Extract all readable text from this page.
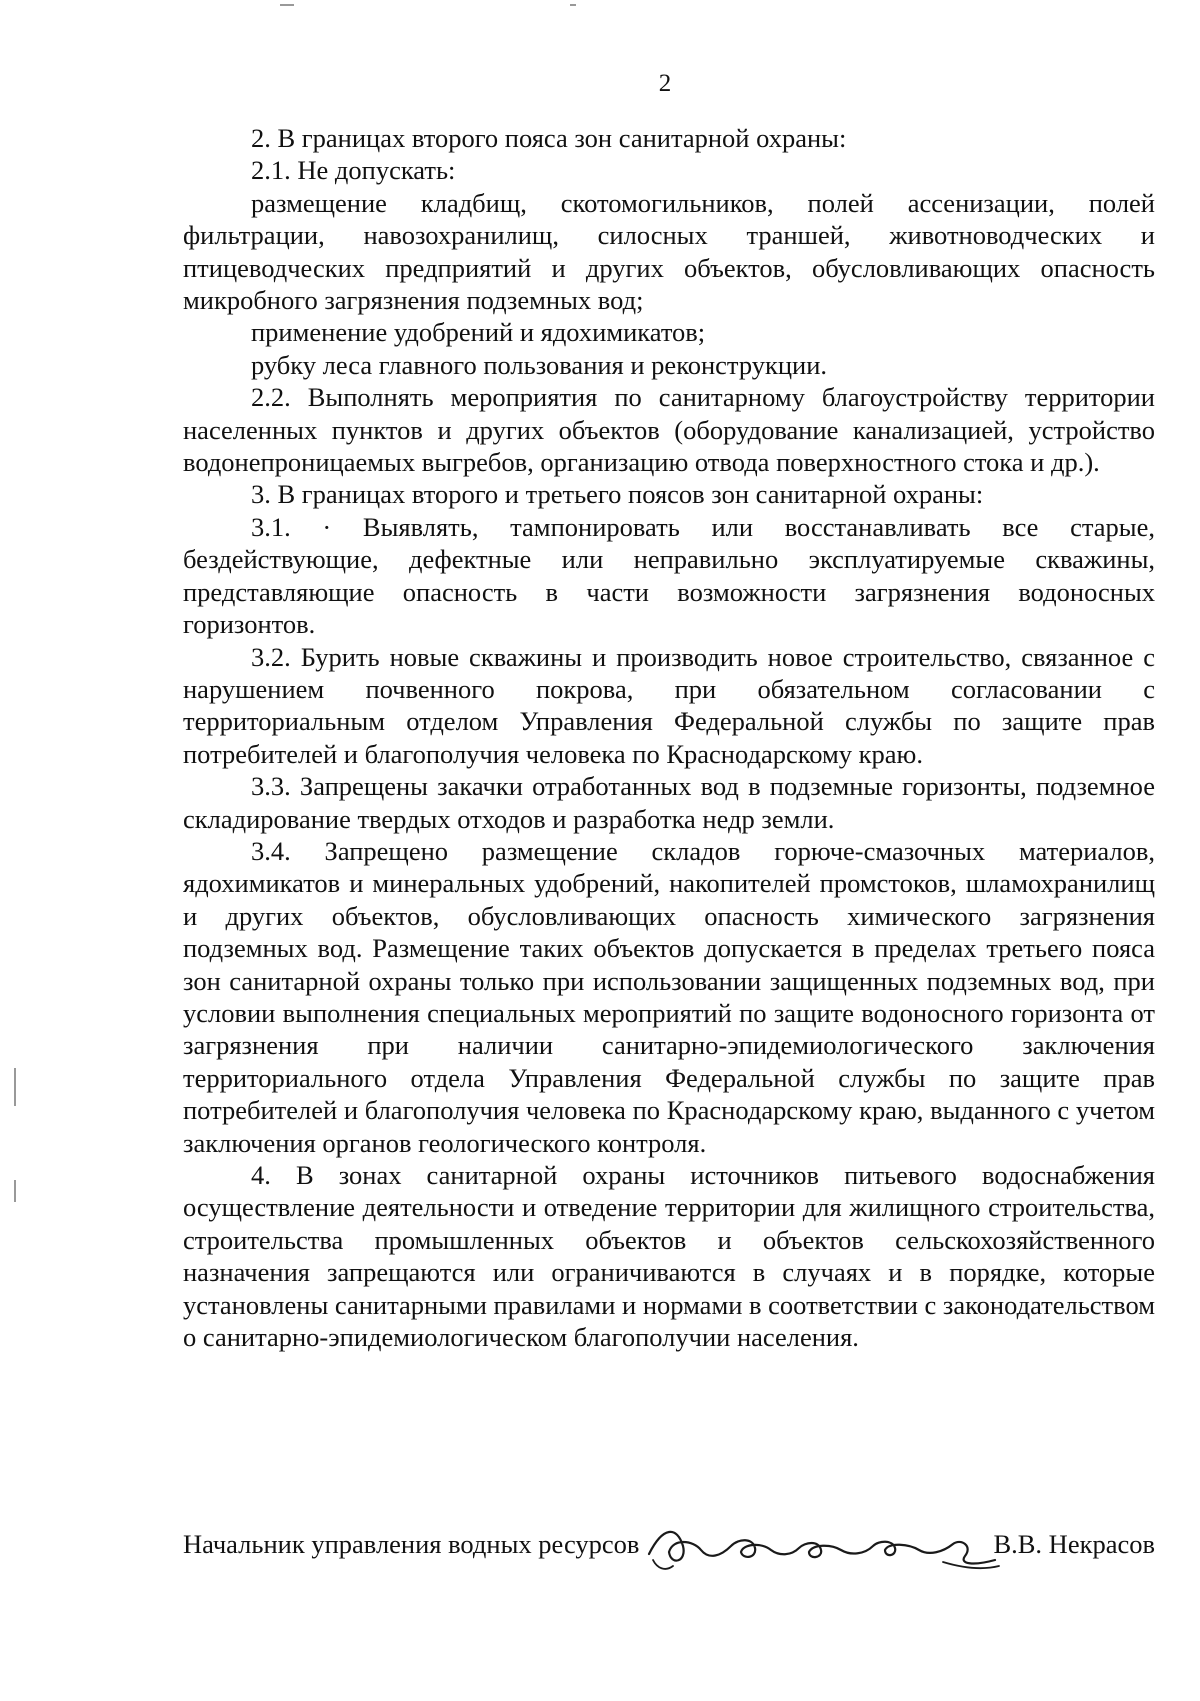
2

2. В границах второго пояса зон санитарной охраны:

2.1. Не допускать:

размещение кладбищ, скотомогильников, полей ассенизации, полей фильтрации, навозохранилищ, силосных траншей, животноводческих и птицеводческих предприятий и других объектов, обусловливающих опасность микробного загрязнения подземных вод;

применение удобрений и ядохимикатов;

рубку леса главного пользования и реконструкции.

2.2. Выполнять мероприятия по санитарному благоустройству территории населенных пунктов и других объектов (оборудование канализацией, устройство водонепроницаемых выгребов, организацию отвода поверхностного стока и др.).

3. В границах второго и третьего поясов зон санитарной охраны:

3.1. · Выявлять, тампонировать или восстанавливать все старые, бездействующие, дефектные или неправильно эксплуатируемые скважины, представляющие опасность в части возможности загрязнения водоносных горизонтов.

3.2. Бурить новые скважины и производить новое строительство, связанное с нарушением почвенного покрова, при обязательном согласовании с территориальным отделом Управления Федеральной службы по защите прав потребителей и благополучия человека по Краснодарскому краю.

3.3. Запрещены закачки отработанных вод в подземные горизонты, подземное складирование твердых отходов и разработка недр земли.

3.4. Запрещено размещение складов горюче-смазочных материалов, ядохимикатов и минеральных удобрений, накопителей промстоков, шламохранилищ и других объектов, обусловливающих опасность химического загрязнения подземных вод. Размещение таких объектов допускается в пределах третьего пояса зон санитарной охраны только при использовании защищенных подземных вод, при условии выполнения специальных мероприятий по защите водоносного горизонта от загрязнения при наличии санитарно-эпидемиологического заключения территориального отдела Управления Федеральной службы по защите прав потребителей и благополучия человека по Краснодарскому краю, выданного с учетом заключения органов геологического контроля.

4. В зонах санитарной охраны источников питьевого водоснабжения осуществление деятельности и отведение территории для жилищного строительства, строительства промышленных объектов и объектов сельскохозяйственного назначения запрещаются или ограничиваются в случаях и в порядке, которые установлены санитарными правилами и нормами в соответствии с законодательством о санитарно-эпидемиологическом благополучии населения.

Начальник управления водных ресурсов	В.В. Некрасов
